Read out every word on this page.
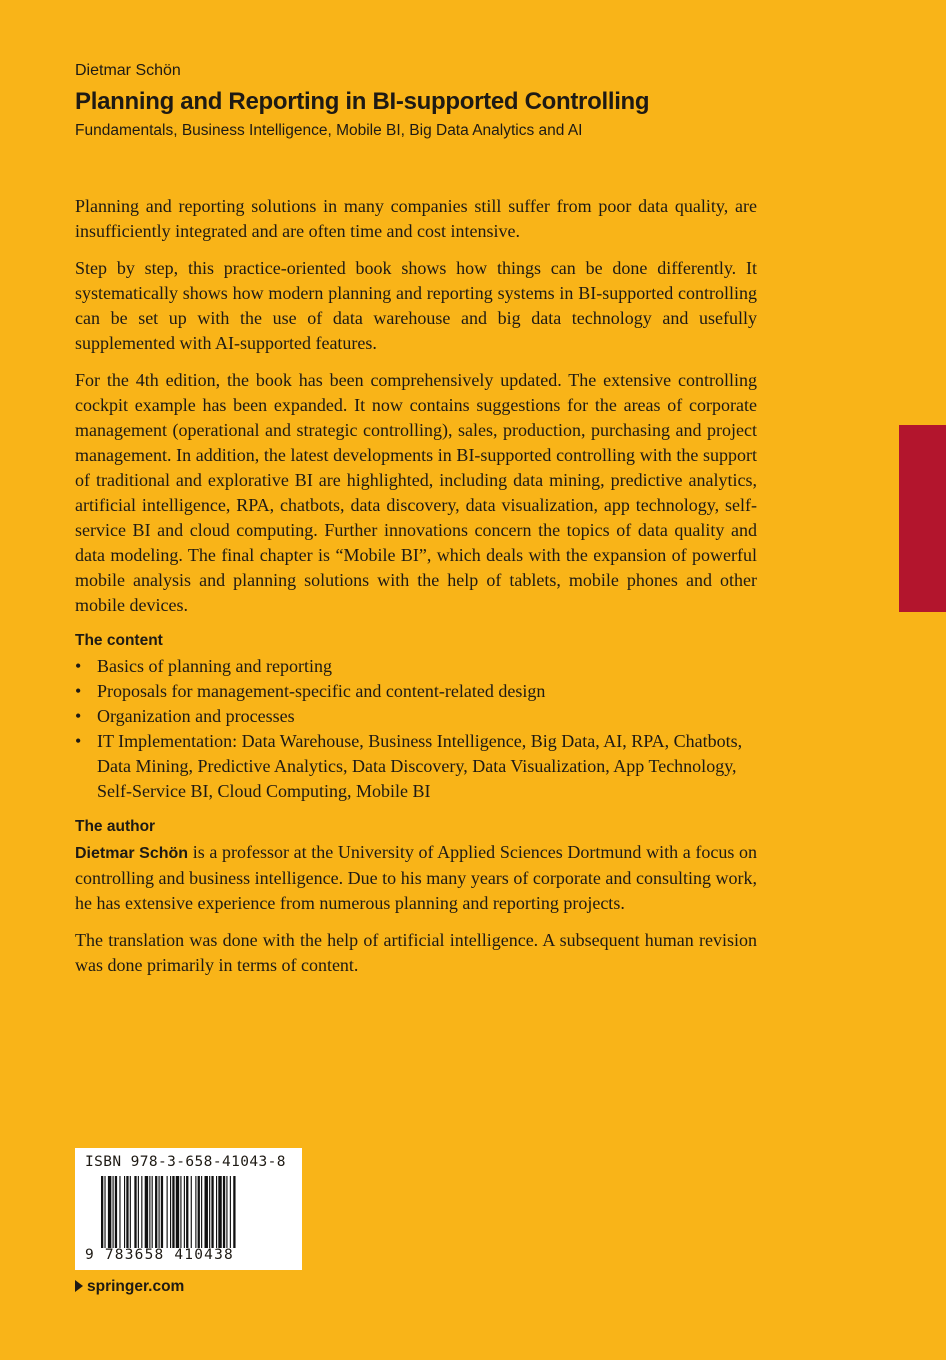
Dietmar Schön
Planning and Reporting in BI-supported Controlling

Fundamentals, Business Intelligence, Mobile BI, Big Data Analytics and AI

Planning and reporting solutions in many companies still suffer from poor data quality, are insufficiently integrated and are often time and cost intensive.

Step by step, this practice-oriented book shows how things can be done differently. It systematically shows how modern planning and reporting systems in BI-supported controlling can be set up with the use of data warehouse and big data technology and usefully supplemented with AI-supported features.

For the 4th edition, the book has been comprehensively updated. The extensive controlling cockpit example has been expanded. It now contains suggestions for the areas of corporate management (operational and strategic controlling), sales, production, purchasing and project management. In addition, the latest developments in BI-supported controlling with the support of traditional and explorative BI are highlighted, including data mining, predictive analytics, artificial intelligence, RPA, chatbots, data discovery, data visualization, app technology, self-service BI and cloud computing. Further innovations concern the topics of data quality and data modeling. The final chapter is “Mobile BI”, which deals with the expansion of powerful mobile analysis and planning solutions with the help of tablets, mobile phones and other mobile devices.

The content
• Basics of planning and reporting
• Proposals for management-specific and content-related design
• Organization and processes
• IT Implementation: Data Warehouse, Business Intelligence, Big Data, AI, RPA, Chatbots, Data Mining, Predictive Analytics, Data Discovery, Data Visualization, App Technology, Self-Service BI, Cloud Computing, Mobile BI
The author

Dietmar Schön is a professor at the University of Applied Sciences Dortmund with a focus on controlling and business intelligence. Due to his many years of corporate and consulting work, he has extensive experience from numerous planning and reporting projects.

The translation was done with the help of artificial intelligence. A subsequent human revision was done primarily in terms of content.

ISBN 978-3-658-41043-8
9 783658 410438
springer.com
